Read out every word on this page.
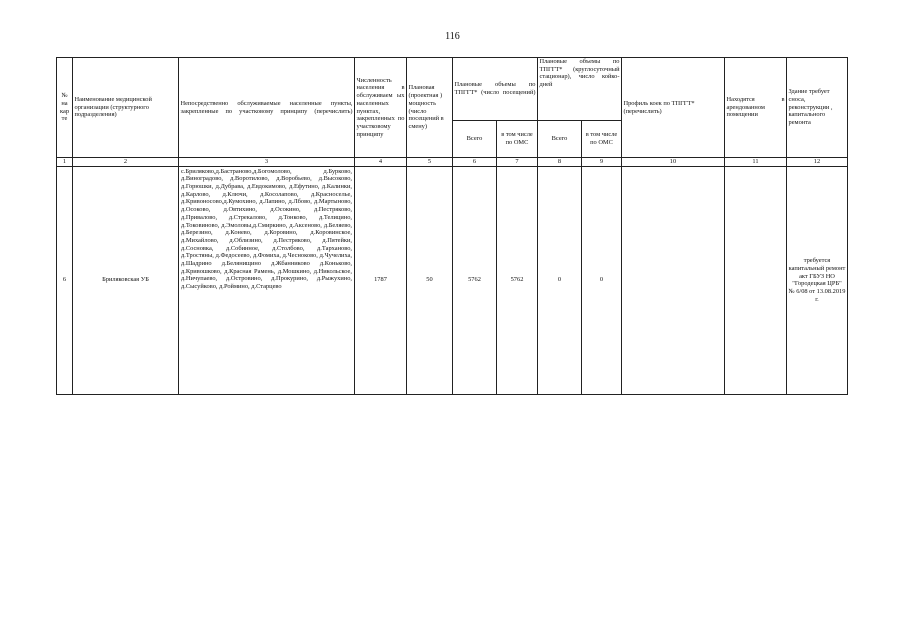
116
№ на кар те	Наименование медицинской организации (структурного подразделения)	Непосредственно обслуживаемые населенные пункты, закрепленные по участковому принципу (перечислить)	Численность населения в обслуживаем ых населенных пунктах, закрепленных по участковому принципу	Плановая (проектная ) мощность (число посещений в смену)	Плановые объемы по ТПГГТ* (число посещений)		Плановые объемы по ТПГГТ* (круглосуточный стационар), число койко-дней		Профиль коек по ТПГГТ* (перечислить)	Находятся в арендованном помещении	Здание требует сноса, реконструкции , капитального ремонта
					Всего	в том числе по ОМС	Всего	в том числе по ОМС			
1	2	3	4	5	6	7	8	9	10	11	12
6	Бриляковская УБ	с.Бриляково,д.Бастраново,д.Богомолово, д.Бурково, д.Виноградово, д.Воротилово, д.Воробьево, д.Высоково, д.Горюшки, д.Дубрава, д.Евдокимово, д.Ефутино, д.Калинки, д.Карлово, д.Ключи, д.Косолапово, д.Красноселье, д.Кривоносово,д.Кумохино, д.Лапино, д.Лбово, д.Мартыново, д.Осоково, д.Овтихино, д.Осокино, д.Пестряково, д.Привалово, д.Стрекалово, д.Тонково, д.Телицино, д.Токовиново, д.Эмоловы,д.Смиркино, д.Аксеново, д.Беляево, д.Березино, д.Конево, д.Коровино, д.Коровинское, д.Михайлово, д.Облизино, д.Пестряково, д.Пятейки, д.Сосновка, д.Собинное, д.Столбово, д.Тарханово, д.Тростяны, д.Федосеево, д.Фомиха, д.Чесноково, д.Чучелиха, д.Шадрино д.Белянищино д.Жбанниково д.Коньково, д.Кривошково, д.Красная Рамень, д.Мошкино, д.Никольское, д.Ничупаево, д.Островино, д.Прокурино, д.Рыжухино, д.Сысуйково, д.Роймино, д.Старцево	1787	50	5762	5762	0	0			требуется капитальный ремонт акт ГБУЗ НО "Городецкая ЦРБ" № 6/08 от 13.08.2019 г.
